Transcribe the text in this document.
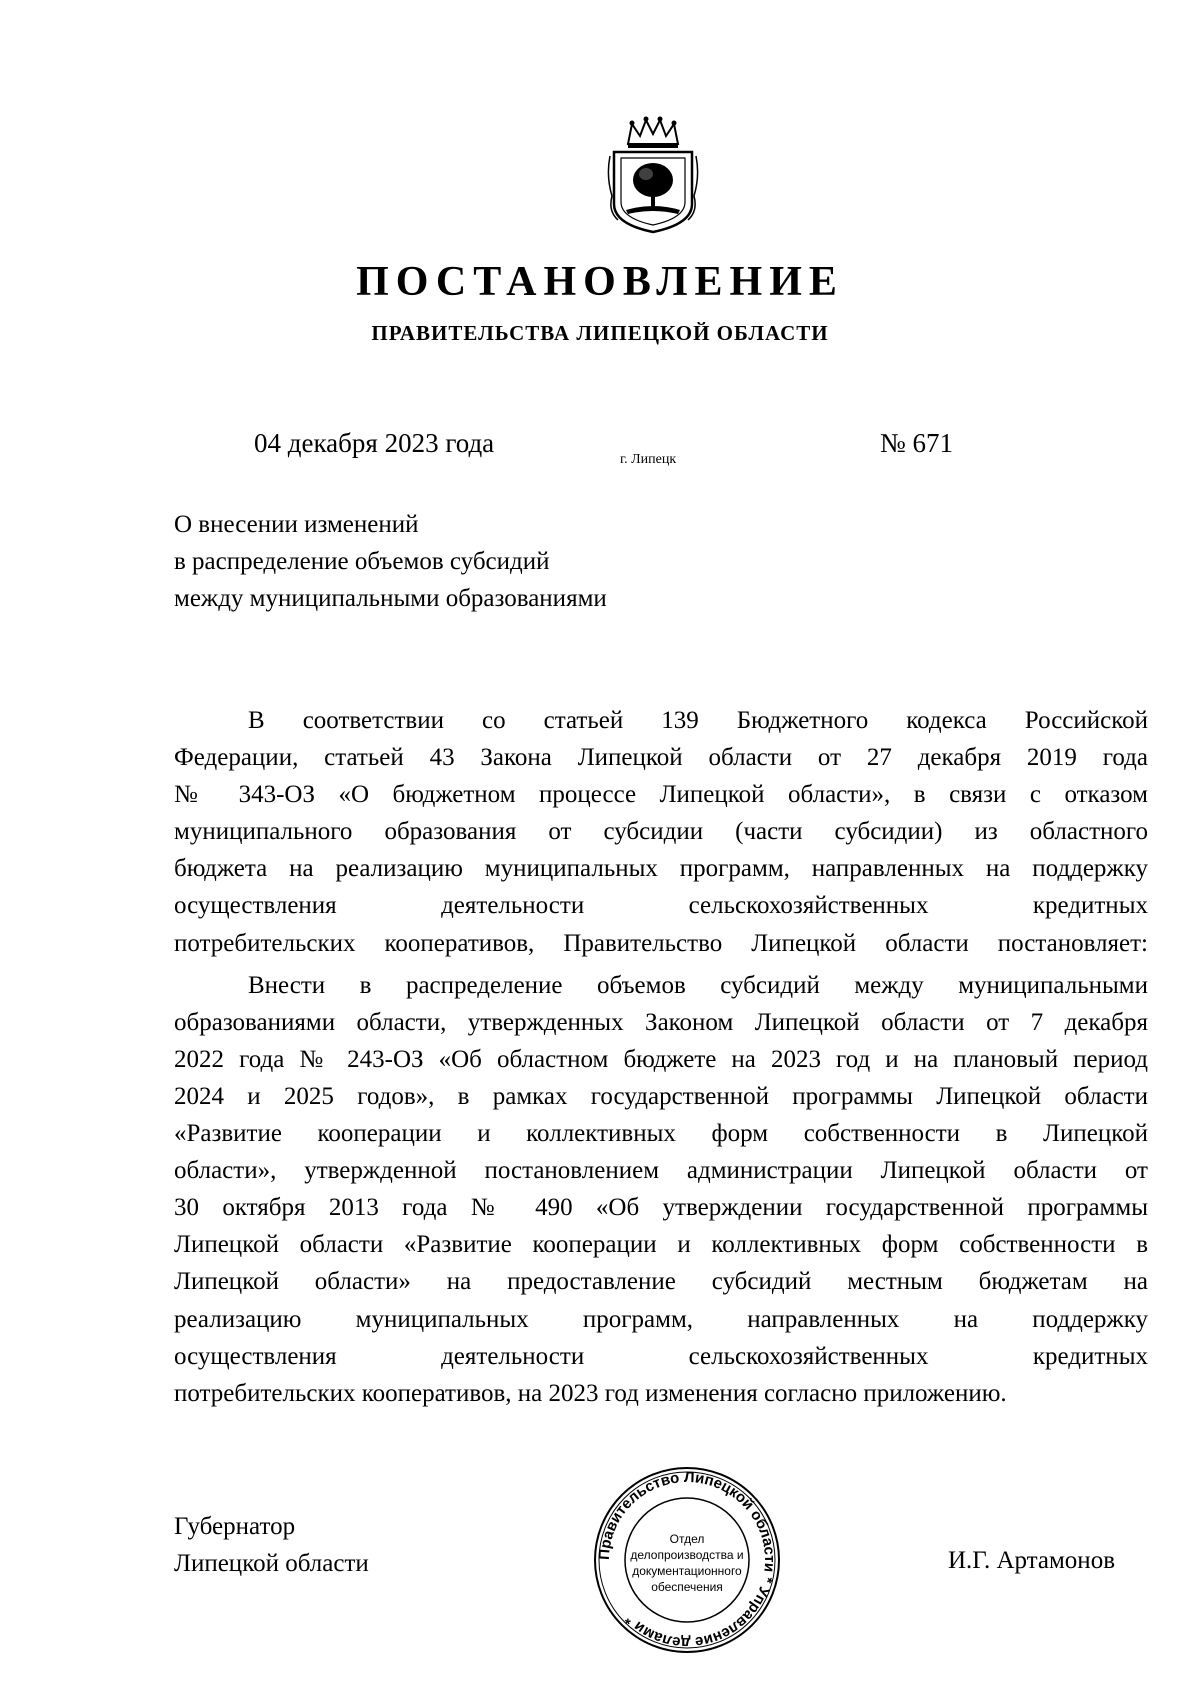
ПОСТАНОВЛЕНИЕ
ПРАВИТЕЛЬСТВА ЛИПЕЦКОЙ ОБЛАСТИ
04 декабря 2023 года
г. Липецк
№ 671
О внесении изменений
в распределение объемов субсидий
между муниципальными образованиями

В соответствии со статьей 139 Бюджетного кодекса Российской
Федерации, статьей 43 Закона Липецкой области от 27 декабря 2019 года
№ 343-ОЗ «О бюджетном процессе Липецкой области», в связи с отказом
муниципального образования от субсидии (части субсидии) из областного
бюджета на реализацию муниципальных программ, направленных на поддержку
осуществления деятельности сельскохозяйственных кредитных
потребительских кооперативов, Правительство Липецкой области постановляет:

Внести в распределение объемов субсидий между муниципальными
образованиями области, утвержденных Законом Липецкой области от 7 декабря
2022 года № 243-ОЗ «Об областном бюджете на 2023 год и на плановый период
2024 и 2025 годов», в рамках государственной программы Липецкой области
«Развитие кооперации и коллективных форм собственности в Липецкой
области», утвержденной постановлением администрации Липецкой области от
30 октября 2013 года № 490 «Об утверждении государственной программы
Липецкой области «Развитие кооперации и коллективных форм собственности в
Липецкой области» на предоставление субсидий местным бюджетам на
реализацию муниципальных программ, направленных на поддержку
осуществления деятельности сельскохозяйственных кредитных
потребительских кооперативов, на 2023 год изменения согласно приложению.

Губернатор
Липецкой области	И.Г. Артамонов
Правительство Липецкой области * Управление делами *
Отдел
делопроизводства и
документационного
обеспечения
